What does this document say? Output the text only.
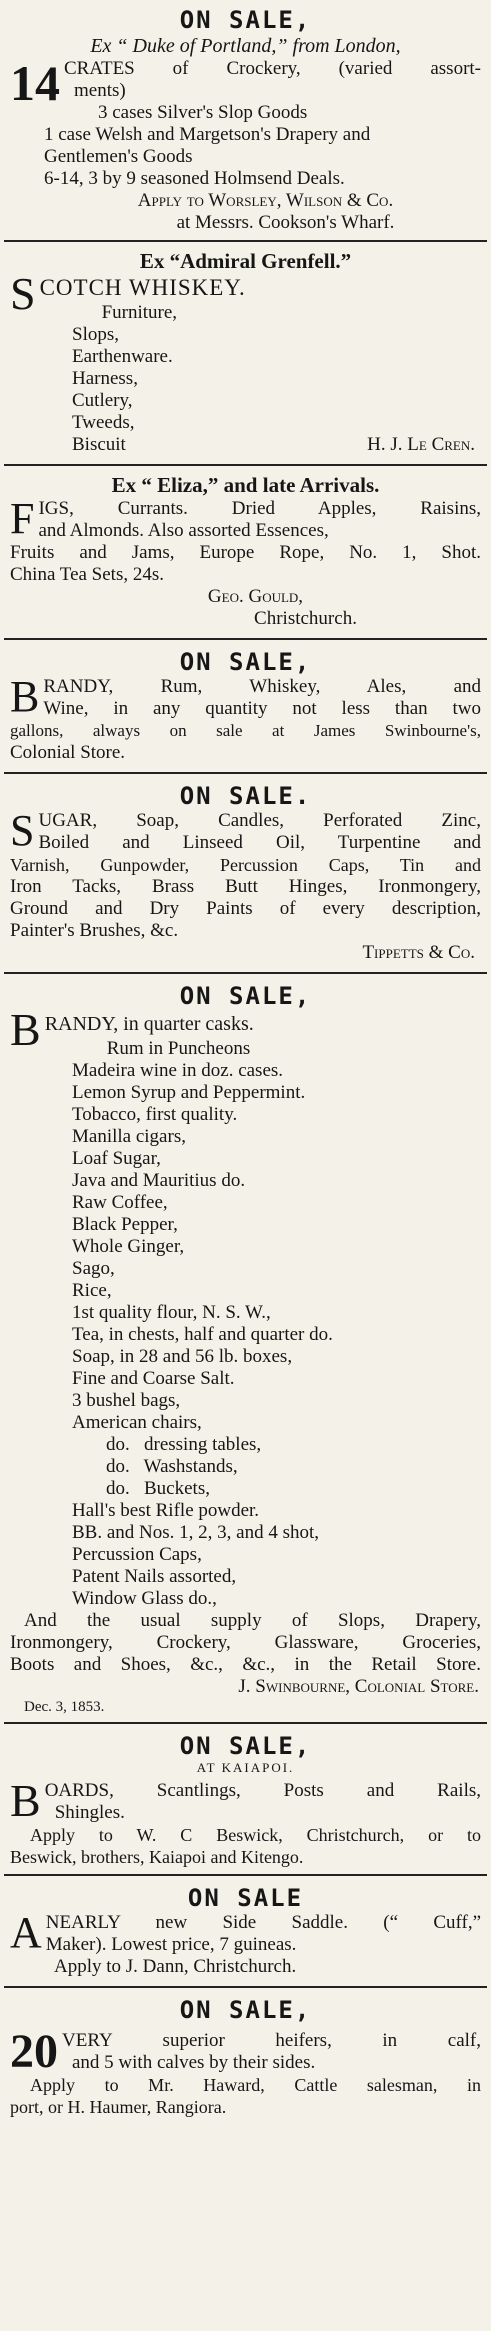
ON SALE,
Ex “ Duke of Portland,” from London,
14 CRATES of Crockery, (varied assort-
ments)
3 cases Silver's Slop Goods
1 case Welsh and Margetson's Drapery and
Gentlemen's Goods
6-14, 3 by 9 seasoned Holmsend Deals.
Apply to Worsley, Wilson & Co.
at Messrs. Cookson's Wharf.
Ex “Admiral Grenfell.”
S COTCH WHISKEY.
Furniture,
Slops,
Earthenware.
Harness,
Cutlery,
Tweeds,
Biscuit	H. J. Le Cren.
Ex “ Eliza,” and late Arrivals.
F IGS, Currants. Dried Apples, Raisins,
and Almonds. Also assorted Essences,
Fruits and Jams, Europe Rope, No. 1, Shot.
China Tea Sets, 24s.
Geo. Gould,
Christchurch.
ON SALE,
B RANDY, Rum, Whiskey, Ales, and
Wine, in any quantity not less than two
gallons, always on sale at James Swinbourne's,
Colonial Store.
ON SALE.
S UGAR, Soap, Candles, Perforated Zinc,
Boiled and Linseed Oil, Turpentine and
Varnish, Gunpowder, Percussion Caps, Tin and
Iron Tacks, Brass Butt Hinges, Ironmongery,
Ground and Dry Paints of every description,
Painter's Brushes, &c.
Tippetts & Co.
ON SALE,
B RANDY, in quarter casks.
Rum in Puncheons
Madeira wine in doz. cases.
Lemon Syrup and Peppermint.
Tobacco, first quality.
Manilla cigars,
Loaf Sugar,
Java and Mauritius do.
Raw Coffee,
Black Pepper,
Whole Ginger,
Sago,
Rice,
1st quality flour, N. S. W.,
Tea, in chests, half and quarter do.
Soap, in 28 and 56 lb. boxes,
Fine and Coarse Salt.
3 bushel bags,
American chairs,
do.   dressing tables,
do.   Washstands,
do.   Buckets,
Hall's best Rifle powder.
BB. and Nos. 1, 2, 3, and 4 shot,
Percussion Caps,
Patent Nails assorted,
Window Glass do.,
And the usual supply of Slops, Drapery,
Ironmongery, Crockery, Glassware, Groceries,
Boots and Shoes, &c., &c., in the Retail Store.
J. Swinbourne, Colonial Store.
Dec. 3, 1853.
ON SALE,
AT KAIAPOI.
B OARDS, Scantlings, Posts and Rails,
Shingles.
Apply to W. C Beswick, Christchurch, or to
Beswick, brothers, Kaiapoi and Kitengo.
ON SALE
A NEARLY new Side Saddle. (“ Cuff,”
Maker). Lowest price, 7 guineas.
Apply to J. Dann, Christchurch.
ON SALE,
20 VERY superior heifers, in calf,
and 5 with calves by their sides.
Apply to Mr. Haward, Cattle salesman, in
port, or H. Haumer, Rangiora.
